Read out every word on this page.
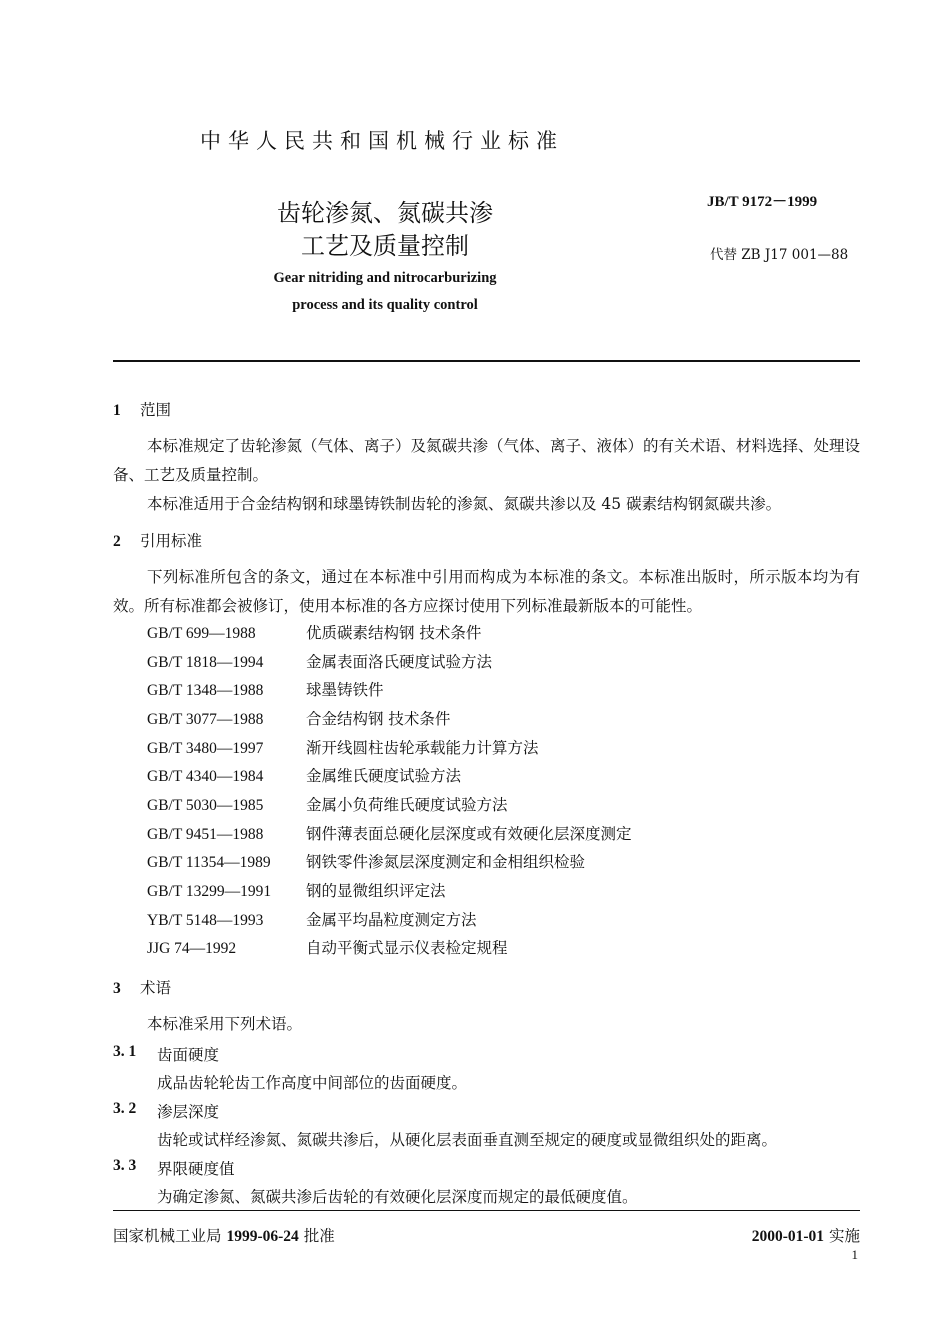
中华人民共和国机械行业标准
齿轮渗氮、氮碳共渗
工艺及质量控制
Gear nitriding and nitrocarburizing
process and its quality control
JB/T 9172－1999
代替 ZB J17 001—88
1 范围
本标准规定了齿轮渗氮（气体、离子）及氮碳共渗（气体、离子、液体）的有关术语、材料选择、处理设备、工艺及质量控制。
本标准适用于合金结构钢和球墨铸铁制齿轮的渗氮、氮碳共渗以及 45 碳素结构钢氮碳共渗。
2 引用标准
下列标准所包含的条文，通过在本标准中引用而构成为本标准的条文。本标准出版时，所示版本均为有效。所有标准都会被修订，使用本标准的各方应探讨使用下列标准最新版本的可能性。
GB/T 699—1988	优质碳素结构钢 技术条件
GB/T 1818—1994	金属表面洛氏硬度试验方法
GB/T 1348—1988	球墨铸铁件
GB/T 3077—1988	合金结构钢 技术条件
GB/T 3480—1997	渐开线圆柱齿轮承载能力计算方法
GB/T 4340—1984	金属维氏硬度试验方法
GB/T 5030—1985	金属小负荷维氏硬度试验方法
GB/T 9451—1988	钢件薄表面总硬化层深度或有效硬化层深度测定
GB/T 11354—1989 钢铁零件渗氮层深度测定和金相组织检验
GB/T 13299—1991 钢的显微组织评定法
YB/T 5148—1993	金属平均晶粒度测定方法
JJG 74—1992	自动平衡式显示仪表检定规程
3 术语
本标准采用下列术语。
3. 1 齿面硬度
成品齿轮轮齿工作高度中间部位的齿面硬度。
3. 2 渗层深度
齿轮或试样经渗氮、氮碳共渗后，从硬化层表面垂直测至规定的硬度或显微组织处的距离。
3. 3 界限硬度值
为确定渗氮、氮碳共渗后齿轮的有效硬化层深度而规定的最低硬度值。
国家机械工业局 1999-06-24 批准	2000-01-01 实施
1
